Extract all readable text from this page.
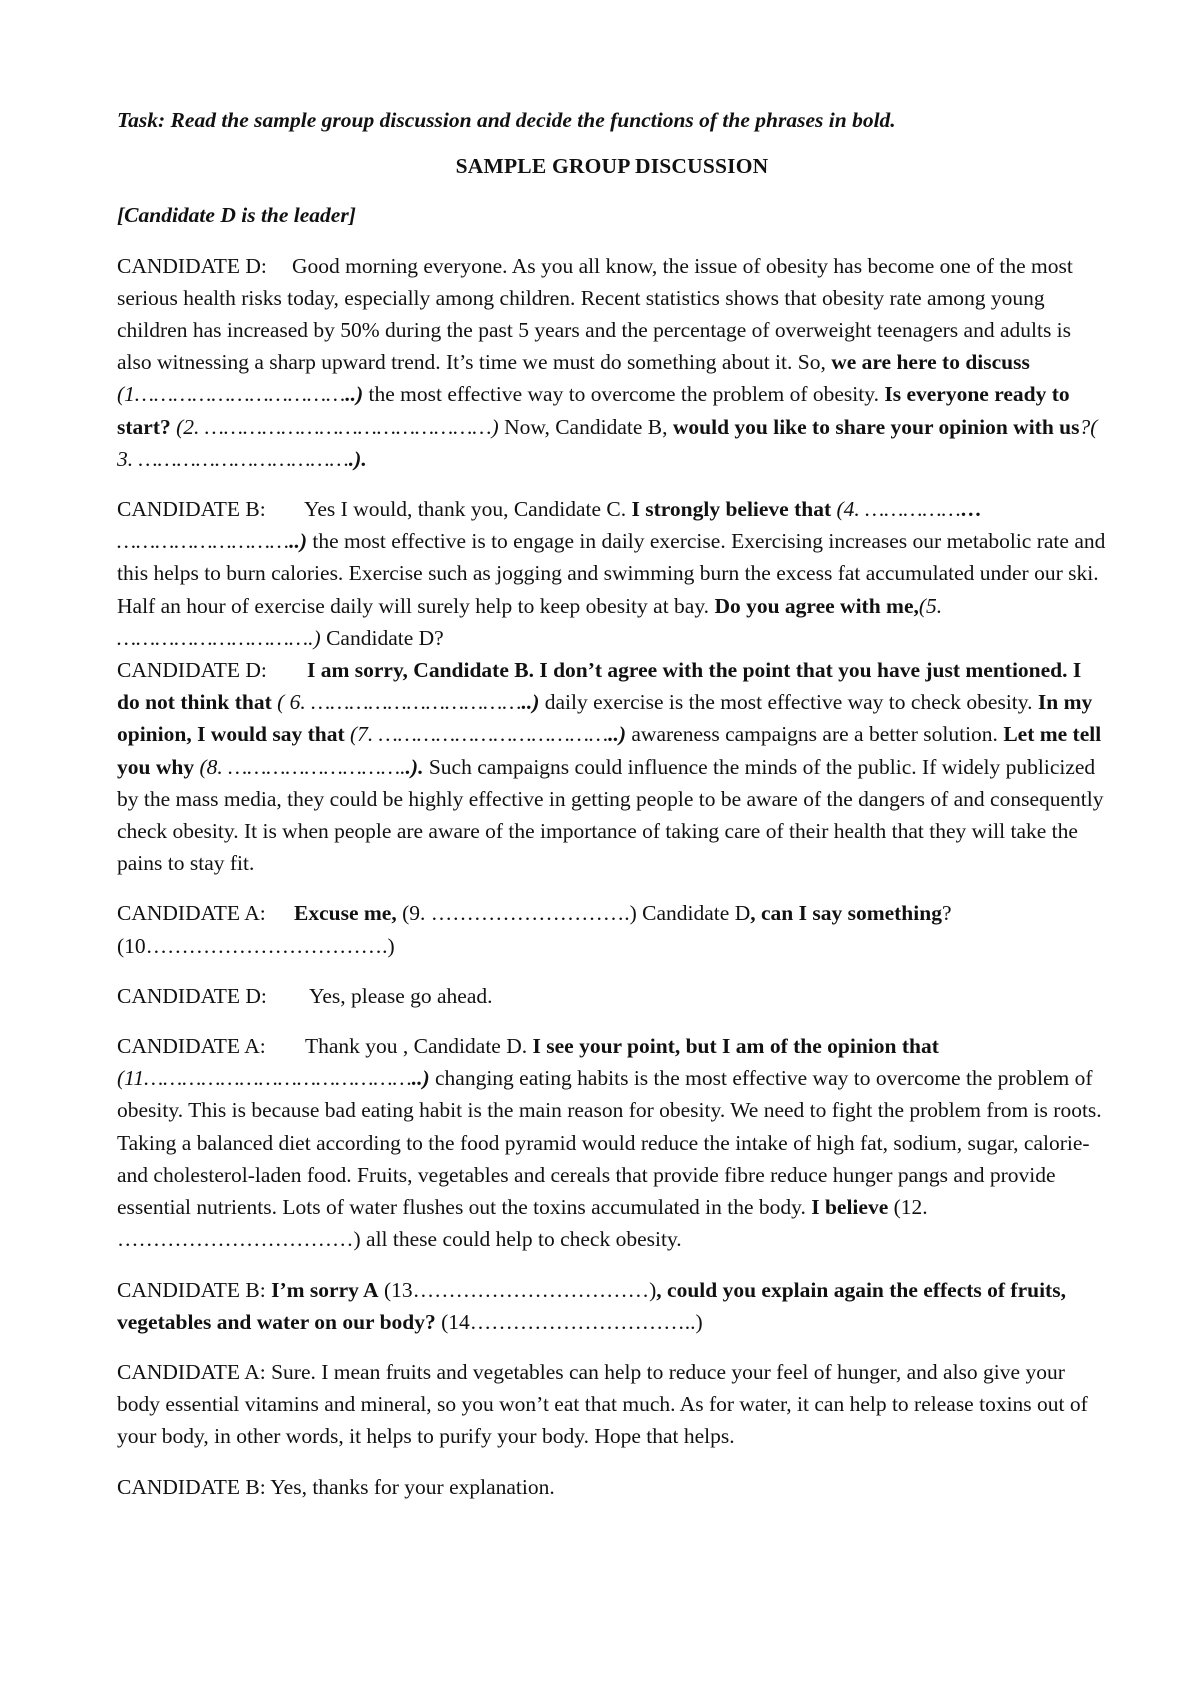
Task: Read the sample group discussion and decide the functions of the phrases in bold.

SAMPLE GROUP DISCUSSION

[Candidate D is the leader]

CANDIDATE D: Good morning everyone. As you all know, the issue of obesity has become one of the most serious health risks today, especially among children. Recent statistics shows that obesity rate among young children has increased by 50% during the past 5 years and the percentage of overweight teenagers and adults is also witnessing a sharp upward trend. It’s time we must do something about it. So, we are here to discuss (1……………………………..) the most effective way to overcome the problem of obesity. Is everyone ready to start? (2. ………………………………………) Now, Candidate B, would you like to share your opinion with us?( 3. …………………………….).

CANDIDATE B: Yes I would, thank you, Candidate C. I strongly believe that (4. ……………… ………………………..) the most effective is to engage in daily exercise. Exercising increases our metabolic rate and this helps to burn calories. Exercise such as jogging and swimming burn the excess fat accumulated under our ski. Half an hour of exercise daily will surely help to keep obesity at bay. Do you agree with me,(5. ………………………….) Candidate D?

CANDIDATE D: I am sorry, Candidate B. I don’t agree with the point that you have just mentioned. I do not think that ( 6. ……………………………..) daily exercise is the most effective way to check obesity. In my opinion, I would say that (7. ………………………………..) awareness campaigns are a better solution. Let me tell you why (8. ………………………..). Such campaigns could influence the minds of the public. If widely publicized by the mass media, they could be highly effective in getting people to be aware of the dangers of and consequently check obesity. It is when people are aware of the importance of taking care of their health that they will take the pains to stay fit.

CANDIDATE A: Excuse me, (9. ……………………….) Candidate D, can I say something? (10…………………………….)

CANDIDATE D: Yes, please go ahead.

CANDIDATE A: Thank you , Candidate D. I see your point, but I am of the opinion that (11……………………………………..) changing eating habits is the most effective way to overcome the problem of obesity. This is because bad eating habit is the main reason for obesity. We need to fight the problem from is roots. Taking a balanced diet according to the food pyramid would reduce the intake of high fat, sodium, sugar, calorie- and cholesterol-laden food. Fruits, vegetables and cereals that provide fibre reduce hunger pangs and provide essential nutrients. Lots of water flushes out the toxins accumulated in the body. I believe (12. ……………………………) all these could help to check obesity.

CANDIDATE B: I’m sorry A (13……………………………), could you explain again the effects of fruits, vegetables and water on our body? (14…………………………..)

CANDIDATE A: Sure. I mean fruits and vegetables can help to reduce your feel of hunger, and also give your body essential vitamins and mineral, so you won’t eat that much. As for water, it can help to release toxins out of your body, in other words, it helps to purify your body. Hope that helps.

CANDIDATE B: Yes, thanks for your explanation.
